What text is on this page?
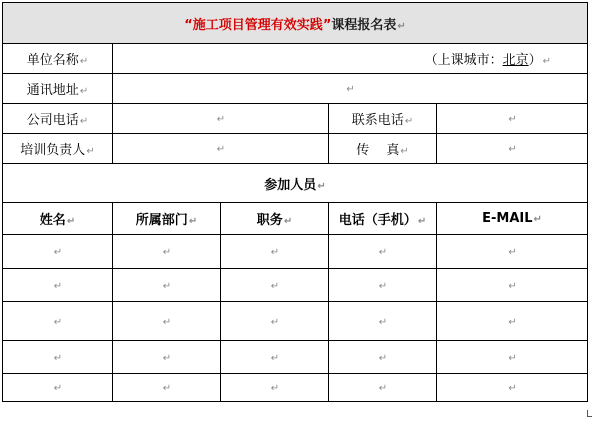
“施工项目管理有效实践”课程报名表↵				
单位名称↵	（上课城市：北京）↵			
通讯地址↵	↵			
公司电话↵	↵		联系电话↵	↵
培训负责人↵	↵		传　 真↵	↵
参加人员↵				
姓名↵	所属部门↵	职务↵	电话（手机）↵	E-MAIL↵
↵	↵	↵	↵	↵
↵	↵	↵	↵	↵
↵	↵	↵	↵	↵
↵	↵	↵	↵	↵
↵	↵	↵	↵	↵
